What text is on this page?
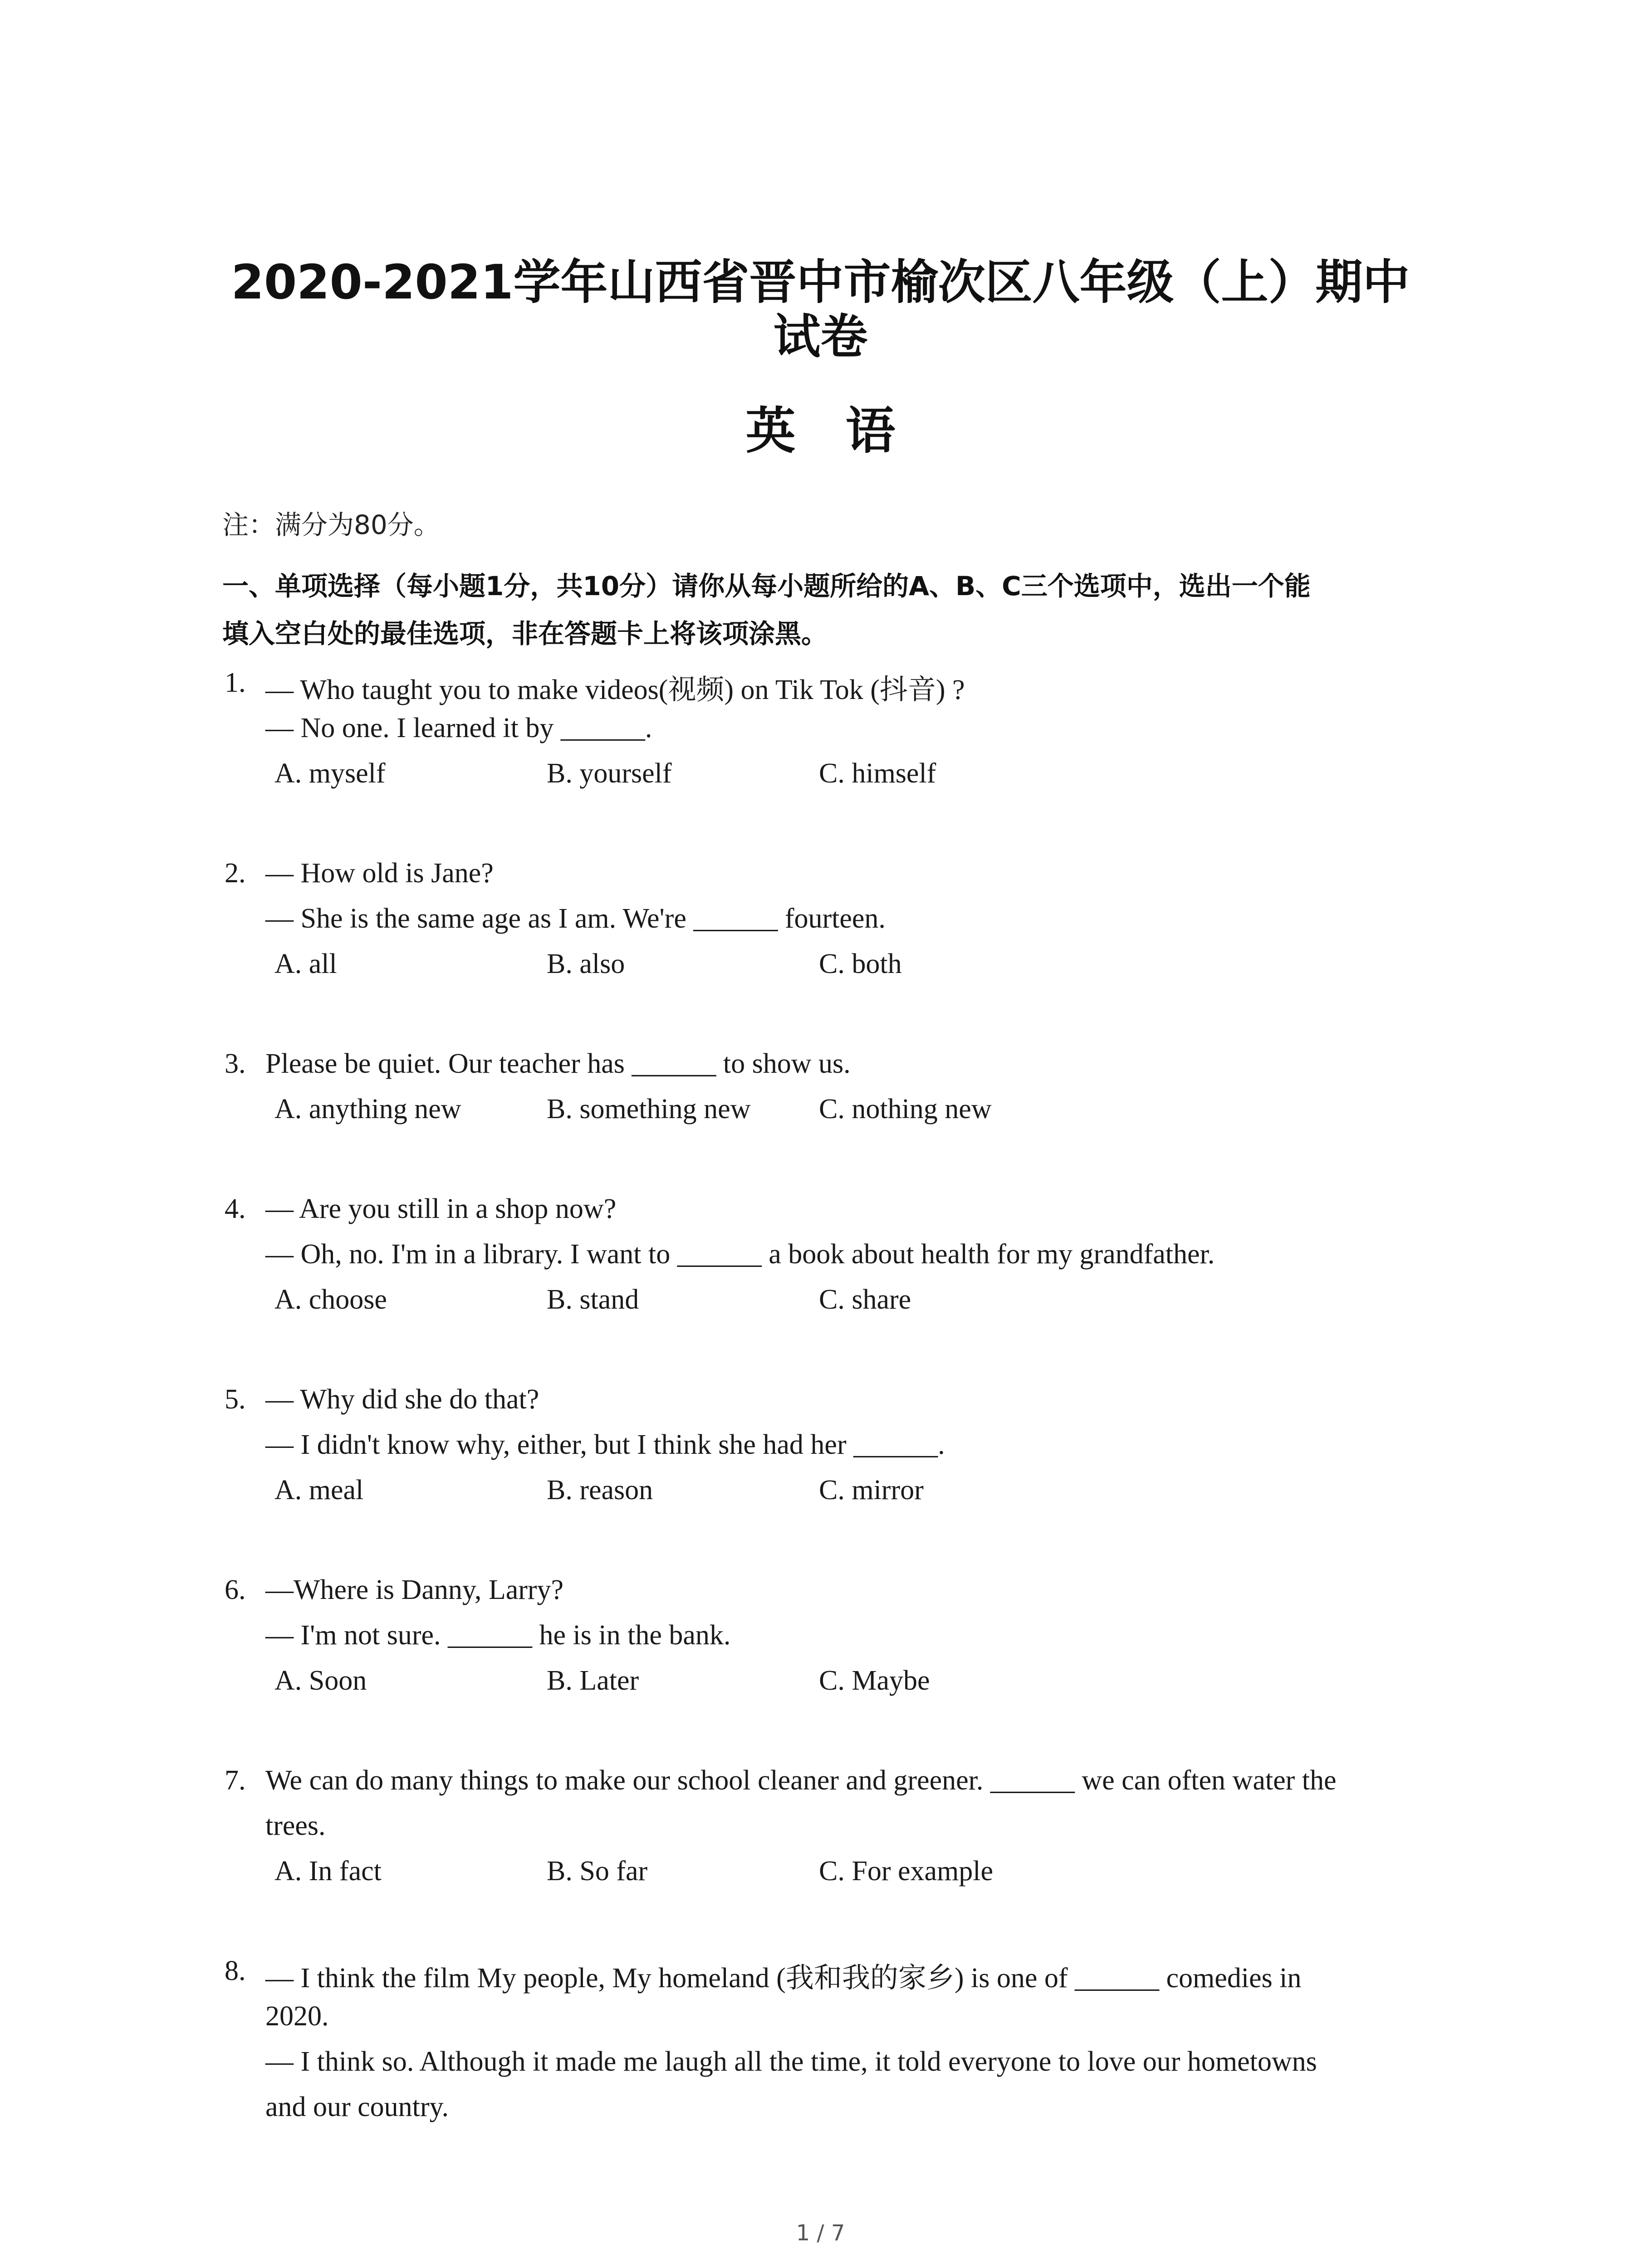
2020-2021学年山西省晋中市榆次区八年级（上）期中
试卷
英语
注：满分为80分。
一、单项选择（每小题1分，共10分）请你从每小题所给的A、B、C三个选项中，选出一个能
填入空白处的最佳选项，非在答题卡上将该项涂黑。
1. — Who taught you to make videos(视频) on Tik Tok (抖音) ?
— No one. I learned it by ______.
A. myself	B. yourself	C. himself
2. — How old is Jane?
— She is the same age as I am. We're ______ fourteen.
A. all	B. also	C. both
3. Please be quiet. Our teacher has ______ to show us.
A. anything new	B. something new C. nothing new
4. — Are you still in a shop now?
— Oh, no. I'm in a library. I want to ______ a book about health for my grandfather.
A. choose	B. stand	C. share
5. — Why did she do that?
— I didn't know why, either, but I think she had her ______.
A. meal	B. reason	C. mirror
6. —Where is Danny, Larry?
— I'm not sure. ______ he is in the bank.
A. Soon	B. Later	C. Maybe
7. We can do many things to make our school cleaner and greener. ______ we can often water the
trees.
A. In fact	B. So far	C. For example
8. — I think the film My people, My homeland (我和我的家乡) is one of ______ comedies in
2020.
— I think so. Although it made me laugh all the time, it told everyone to love our hometowns
and our country.
1 / 7
